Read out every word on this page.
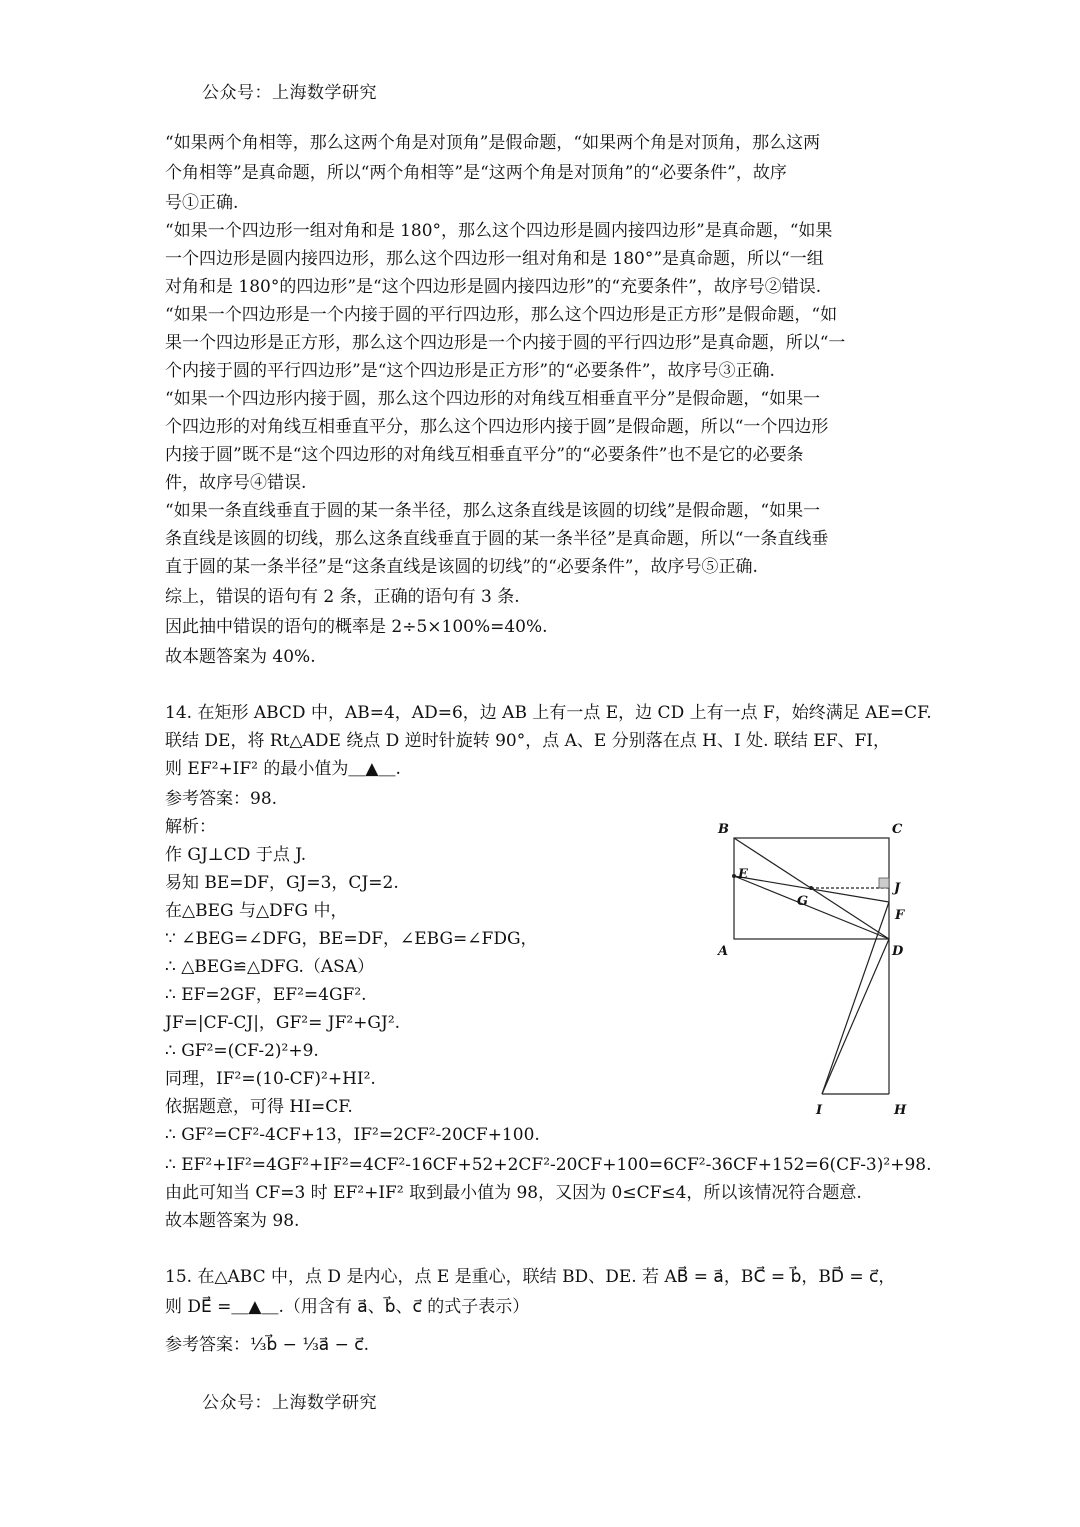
公众号：上海数学研究
“如果两个角相等，那么这两个角是对顶角”是假命题，“如果两个角是对顶角，那么这两
个角相等”是真命题，所以“两个角相等”是“这两个角是对顶角”的“必要条件”，故序
号①正确.
“如果一个四边形一组对角和是 180°，那么这个四边形是圆内接四边形”是真命题，“如果
一个四边形是圆内接四边形，那么这个四边形一组对角和是 180°”是真命题，所以“一组
对角和是 180°的四边形”是“这个四边形是圆内接四边形”的“充要条件”，故序号②错误.
“如果一个四边形是一个内接于圆的平行四边形，那么这个四边形是正方形”是假命题，“如
果一个四边形是正方形，那么这个四边形是一个内接于圆的平行四边形”是真命题，所以“一
个内接于圆的平行四边形”是“这个四边形是正方形”的“必要条件”，故序号③正确.
“如果一个四边形内接于圆，那么这个四边形的对角线互相垂直平分”是假命题，“如果一
个四边形的对角线互相垂直平分，那么这个四边形内接于圆”是假命题，所以“一个四边形
内接于圆”既不是“这个四边形的对角线互相垂直平分”的“必要条件”也不是它的必要条
件，故序号④错误.
“如果一条直线垂直于圆的某一条半径，那么这条直线是该圆的切线”是假命题，“如果一
条直线是该圆的切线，那么这条直线垂直于圆的某一条半径”是真命题，所以“一条直线垂
直于圆的某一条半径”是“这条直线是该圆的切线”的“必要条件”，故序号⑤正确.
综上，错误的语句有 2 条，正确的语句有 3 条.
因此抽中错误的语句的概率是 2÷5×100%=40%.
故本题答案为 40%.
14. 在矩形 ABCD 中，AB=4，AD=6，边 AB 上有一点 E，边 CD 上有一点 F，始终满足 AE=CF.
联结 DE，将 Rt△ADE 绕点 D 逆时针旋转 90°，点 A、E 分别落在点 H、I 处. 联结 EF、FI，
则 EF²+IF² 的最小值为＿▲＿.
参考答案：98.
解析：
作 GJ⊥CD 于点 J.
易知 BE=DF，GJ=3，CJ=2.
在△BEG 与△DFG 中，
∵ ∠BEG=∠DFG，BE=DF，∠EBG=∠FDG，
∴ △BEG≌△DFG.（ASA）
∴ EF=2GF，EF²=4GF².
JF=|CF-CJ|，GF²= JF²+GJ².
∴ GF²=(CF-2)²+9.
同理，IF²=(10-CF)²+HI².
依据题意，可得 HI=CF.
∴ GF²=CF²-4CF+13，IF²=2CF²-20CF+100.
∴ EF²+IF²=4GF²+IF²=4CF²-16CF+52+2CF²-20CF+100=6CF²-36CF+152=6(CF-3)²+98.
由此可知当 CF=3 时 EF²+IF² 取到最小值为 98，又因为 0≤CF≤4，所以该情况符合题意.
故本题答案为 98.
B	C
E
J
G
F
A	D
I	H
15. 在△ABC 中，点 D 是内心，点 E 是重心，联结 BD、DE. 若 AB⃗ = a⃗，BC⃗ = b⃗，BD⃗ = c⃗，
则 DE⃗ =＿▲＿.（用含有 a⃗、b⃗、c⃗ 的式子表示）
参考答案：⅓b⃗ − ⅓a⃗ − c⃗.
公众号：上海数学研究
